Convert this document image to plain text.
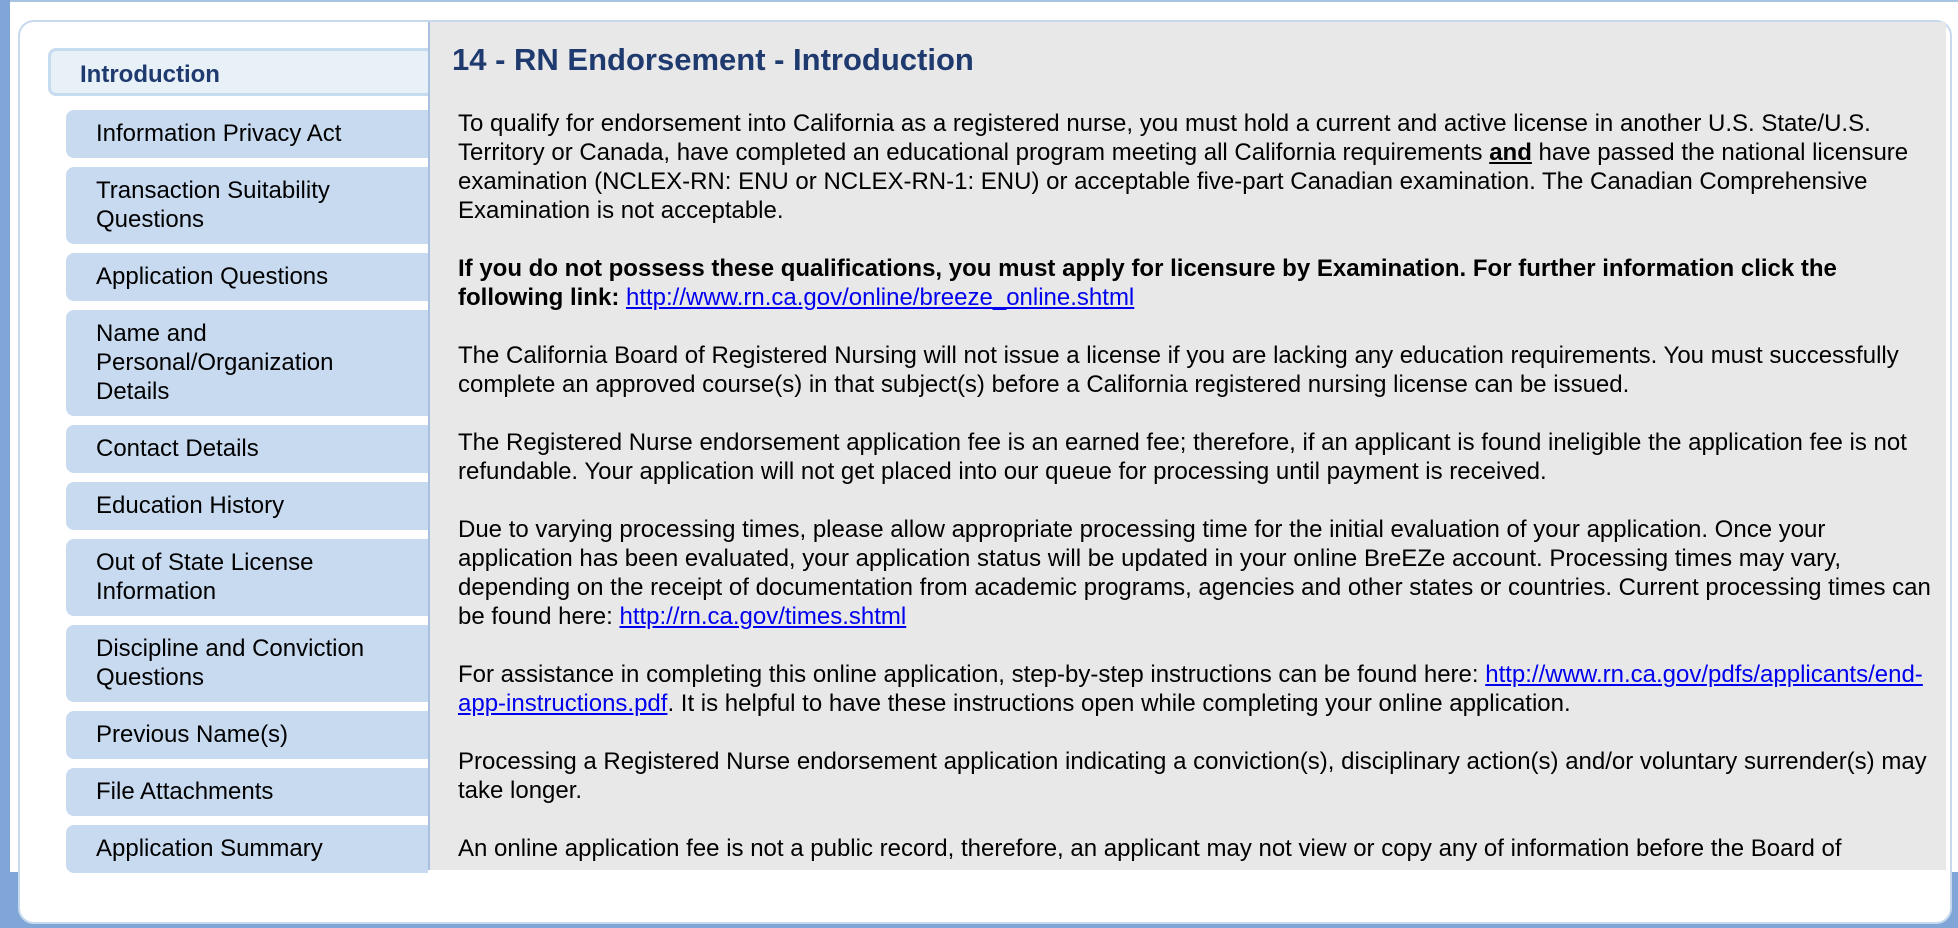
Introduction
Information Privacy Act
Transaction Suitability Questions
Application Questions
Name and Personal/Organization Details
Contact Details
Education History
Out of State License Information
Discipline and Conviction Questions
Previous Name(s)
File Attachments
Application Summary
14 - RN Endorsement - Introduction

To qualify for endorsement into California as a registered nurse, you must hold a current and active license in another U.S. State/U.S. Territory or Canada, have completed an educational program meeting all California requirements and have passed the national licensure examination (NCLEX-RN: ENU or NCLEX-RN-1: ENU) or acceptable five-part Canadian examination. The Canadian Comprehensive Examination is not acceptable.

If you do not possess these qualifications, you must apply for licensure by Examination. For further information click the following link: http://www.rn.ca.gov/online/breeze_online.shtml

The California Board of Registered Nursing will not issue a license if you are lacking any education requirements. You must successfully complete an approved course(s) in that subject(s) before a California registered nursing license can be issued.

The Registered Nurse endorsement application fee is an earned fee; therefore, if an applicant is found ineligible the application fee is not refundable. Your application will not get placed into our queue for processing until payment is received.

Due to varying processing times, please allow appropriate processing time for the initial evaluation of your application. Once your application has been evaluated, your application status will be updated in your online BreEZe account. Processing times may vary, depending on the receipt of documentation from academic programs, agencies and other states or countries. Current processing times can be found here: http://rn.ca.gov/times.shtml

For assistance in completing this online application, step-by-step instructions can be found here: http://www.rn.ca.gov/pdfs/applicants/end-app-instructions.pdf. It is helpful to have these instructions open while completing your online application.

Processing a Registered Nurse endorsement application indicating a conviction(s), disciplinary action(s) and/or voluntary surrender(s) may take longer.

An online application fee is not a public record, therefore, an applicant may not view or copy any of information before the Board of
